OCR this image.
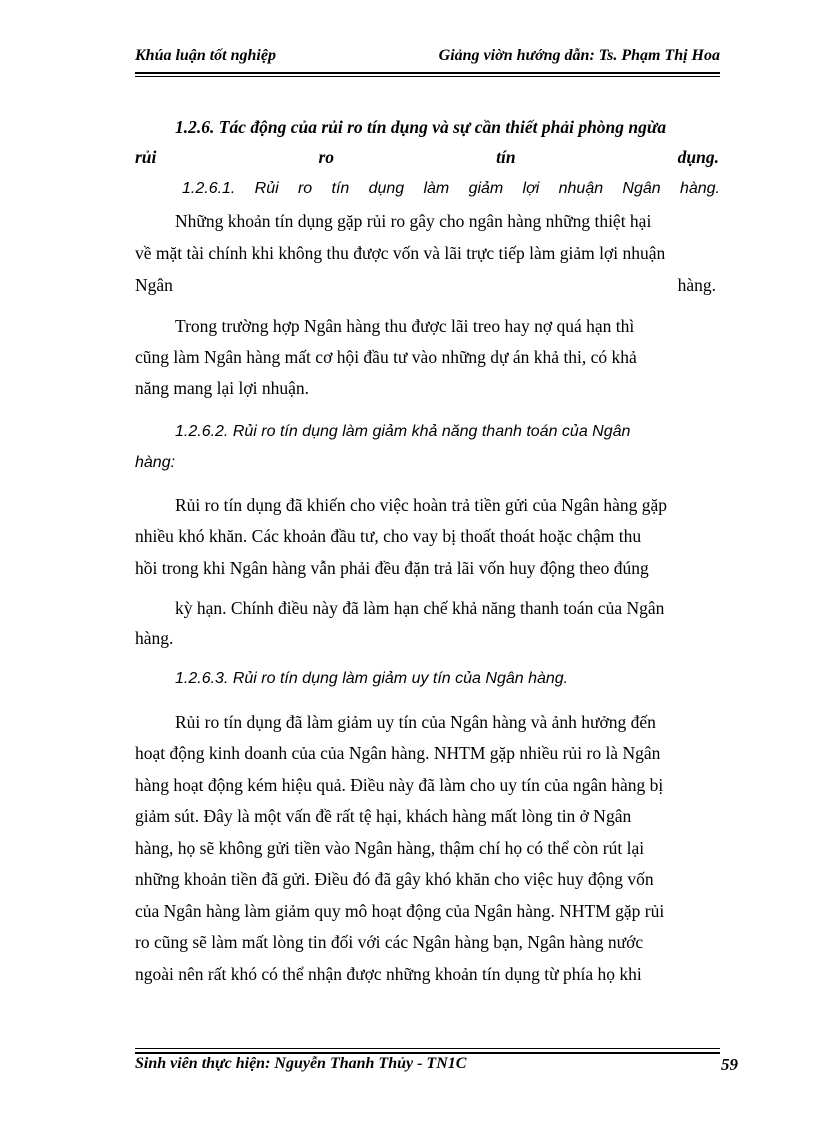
Khúa luận tốt nghiệp	Giảng viờn hướng dẫn: Ts. Phạm Thị Hoa

1.2.6. Tác động của rủi ro tín dụng và sự cần thiết phải phòng ngừa

rủi ro tín dụng.

1.2.6.1. Rủi ro tín dụng làm giảm lợi nhuận Ngân hàng.

Những khoản tín dụng gặp rủi ro gây cho ngân hàng những thiệt hại

về mặt tài chính khi không thu được vốn và lãi trực tiếp làm giảm lợi nhuận

Ngân hàng.

Trong trường hợp Ngân hàng thu được lãi treo hay nợ quá hạn thì

cũng làm Ngân hàng mất cơ hội đầu tư vào những dự án khả thi, có khả

năng mang lại lợi nhuận.

1.2.6.2. Rủi ro tín dụng làm giảm khả năng thanh toán của Ngân

hàng:

Rủi ro tín dụng đã khiến cho việc hoàn trả tiền gửi của Ngân hàng gặp

nhiều khó khăn. Các khoản đầu tư, cho vay bị thoất thoát hoặc chậm thu

hồi trong khi Ngân hàng vẫn phải đều đặn trả lãi vốn huy động theo đúng

kỳ hạn. Chính điều này đã làm hạn chế khả năng thanh toán của Ngân

hàng.

1.2.6.3. Rủi ro tín dụng làm giảm uy tín của Ngân hàng.

Rủi ro tín dụng đã làm giảm uy tín của Ngân hàng và ảnh hưởng đến

hoạt động kinh doanh của của Ngân hàng. NHTM gặp nhiều rủi ro là Ngân

hàng hoạt động kém hiệu quả. Điều này đã làm cho uy tín của ngân hàng bị

giảm sút. Đây là một vấn đề rất tệ hại, khách hàng mất lòng tin ở Ngân

hàng, họ sẽ không gửi tiền vào Ngân hàng, thậm chí họ có thể còn rút lại

những khoản tiền đã gửi. Điều đó đã gây khó khăn cho việc huy động vốn

của Ngân hàng làm giảm quy mô hoạt động của Ngân hàng. NHTM gặp rủi

ro cũng sẽ làm mất lòng tin đối với các Ngân hàng bạn, Ngân hàng nước

ngoài nên rất khó có thể nhận được những khoản tín dụng từ phía họ khi

Sinh viên thực hiện: Nguyễn Thanh Thủy - TN1C	59
